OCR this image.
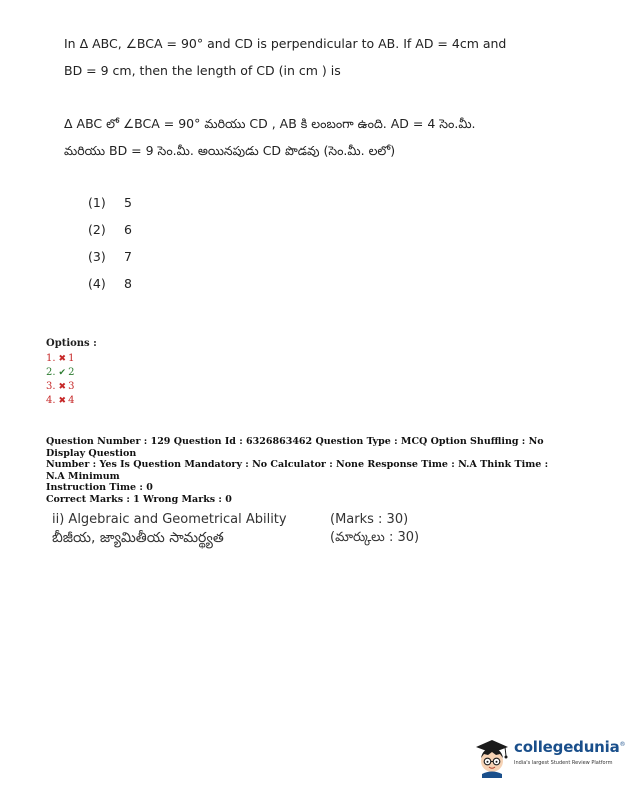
In Δ ABC, ∠BCA = 90° and CD is perpendicular to AB. If AD = 4cm and
BD = 9 cm, then the length of CD (in cm ) is
Δ ABC లో ∠BCA = 90° మరియు CD , AB కి లంబంగా ఉంది. AD = 4 సెం.మీ.
మరియు BD = 9 సెం.మీ. అయినపుడు CD పొడవు (సెం.మీ. లలో)
(1) 5
(2) 6
(3) 7
(4) 8
Options :
1. ✖ 1
2. ✔ 2
3. ✖ 3
4. ✖ 4
Question Number : 129 Question Id : 6326863462 Question Type : MCQ Option Shuffling : No Display Question
Number : Yes Is Question Mandatory : No Calculator : None Response Time : N.A Think Time : N.A Minimum
Instruction Time : 0
Correct Marks : 1 Wrong Marks : 0
ii) Algebraic and Geometrical Ability
బీజీయ, జ్యామితీయ సామర్థ్యత
(Marks : 30)
(మార్కులు : 30)
collegedunia®
India's largest Student Review Platform
